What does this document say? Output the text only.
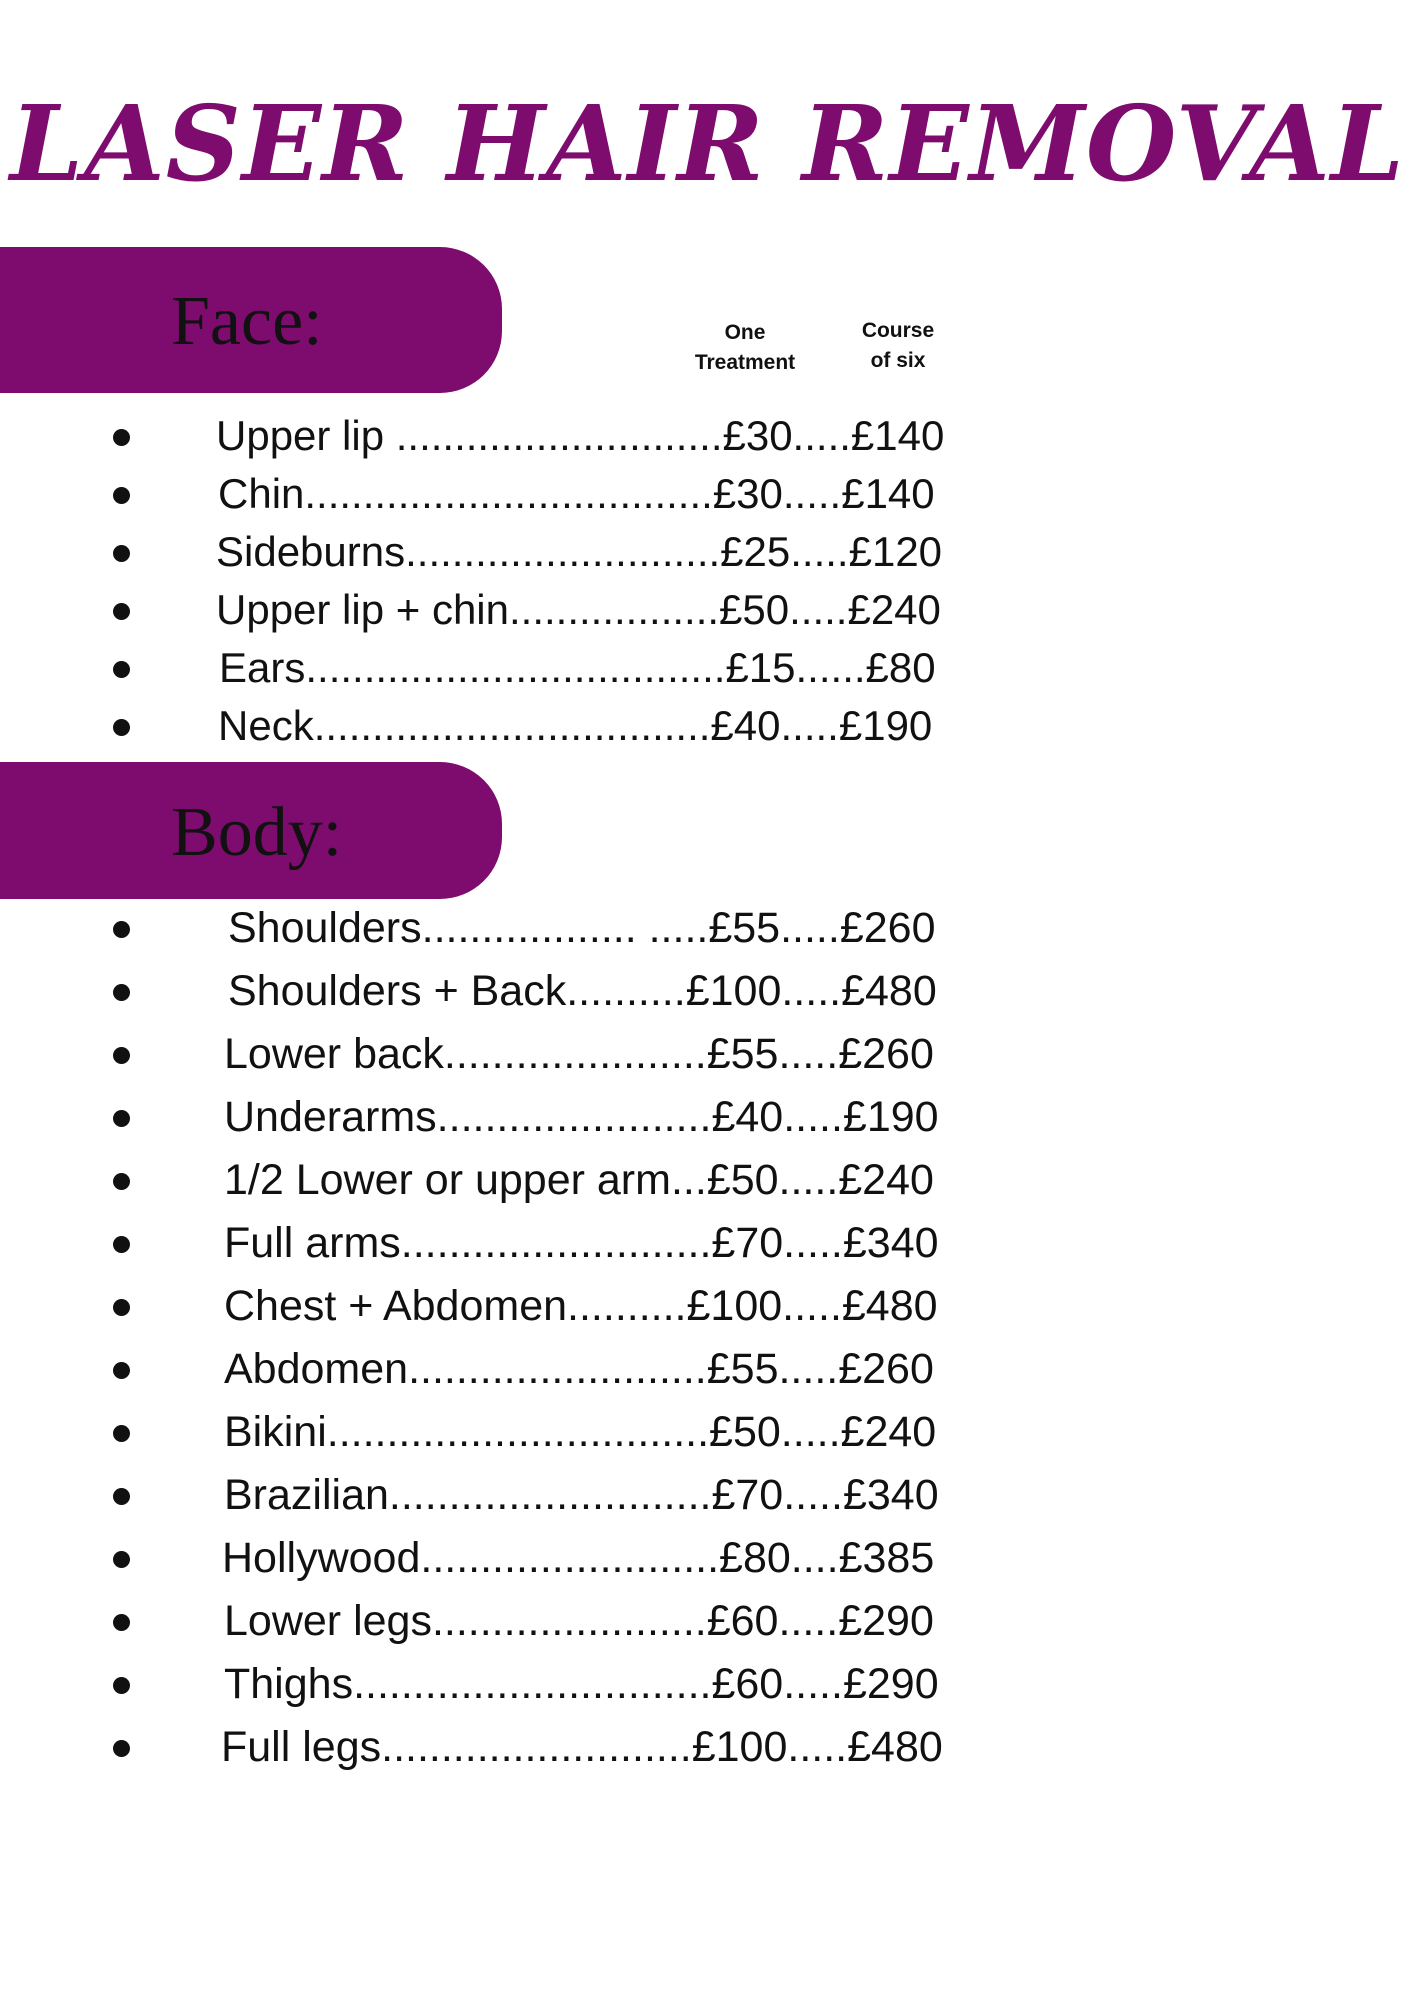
LASER HAIR REMOVAL
Face:	One
Treatment
Course
of six
Upper lip ............................£30.....£140
Chin...................................£30.....£140
Sideburns...........................£25.....£120
Upper lip + chin..................£50.....£240
Ears....................................£15......£80
Neck..................................£40.....£190
Body:
Shoulders.................. .....£55.....£260
Shoulders + Back..........£100.....£480
Lower back......................£55.....£260
Underarms.......................£40.....£190
1/2 Lower or upper arm...£50.....£240
Full arms..........................£70.....£340
Chest + Abdomen..........£100.....£480
Abdomen.........................£55.....£260
Bikini................................£50.....£240
Brazilian...........................£70.....£340
Hollywood.........................£80....£385
Lower legs.......................£60.....£290
Thighs..............................£60.....£290
Full legs..........................£100.....£480
